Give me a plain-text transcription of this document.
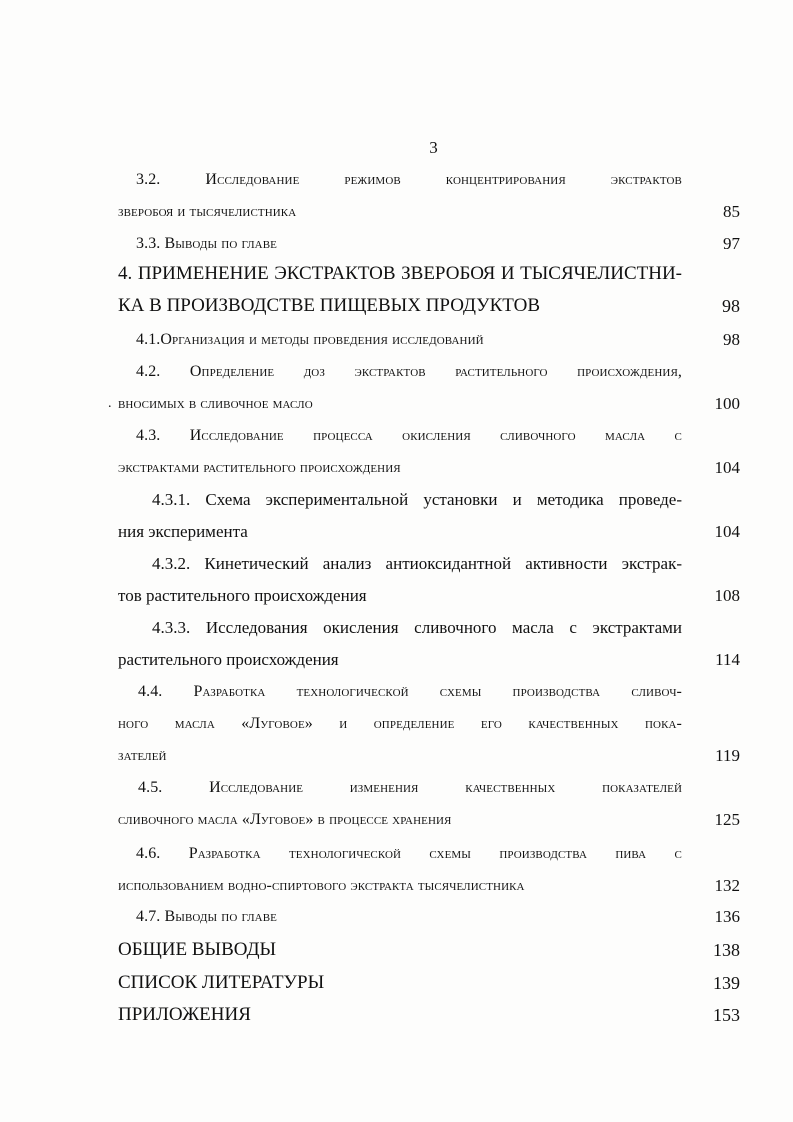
3
3.2. Исследование режимов концентрирования экстрактов
зверобоя и тысячелистника	85
3.3. Выводы по главе	97
4. ПРИМЕНЕНИЕ ЭКСТРАКТОВ ЗВЕРОБОЯ И ТЫСЯЧЕЛИСТНИ-
КА В ПРОИЗВОДСТВЕ ПИЩЕВЫХ ПРОДУКТОВ	98
4.1.Организация и методы проведения исследований	98
4.2. Определение доз экстрактов растительного происхождения,
. вносимых в сливочное масло	100
4.3. Исследование процесса окисления сливочного масла с
экстрактами растительного происхождения	104
4.3.1. Схема экспериментальной установки и методика проведе-
ния эксперимента	104
4.3.2. Кинетический анализ антиоксидантной активности экстрак-
тов растительного происхождения	108
4.3.3. Исследования окисления сливочного масла с экстрактами
растительного происхождения	114
4.4. Разработка технологической схемы производства сливоч-
ного масла «Луговое» и определение его качественных пока-
зателей	119
4.5. Исследование изменения качественных показателей
сливочного масла «Луговое» в процессе хранения	125
4.6. Разработка технологической схемы производства пива с
использованием водно-спиртового экстракта тысячелистника	132
4.7. Выводы по главе	136
ОБЩИЕ ВЫВОДЫ	138
СПИСОК ЛИТЕРАТУРЫ	139
ПРИЛОЖЕНИЯ	153
